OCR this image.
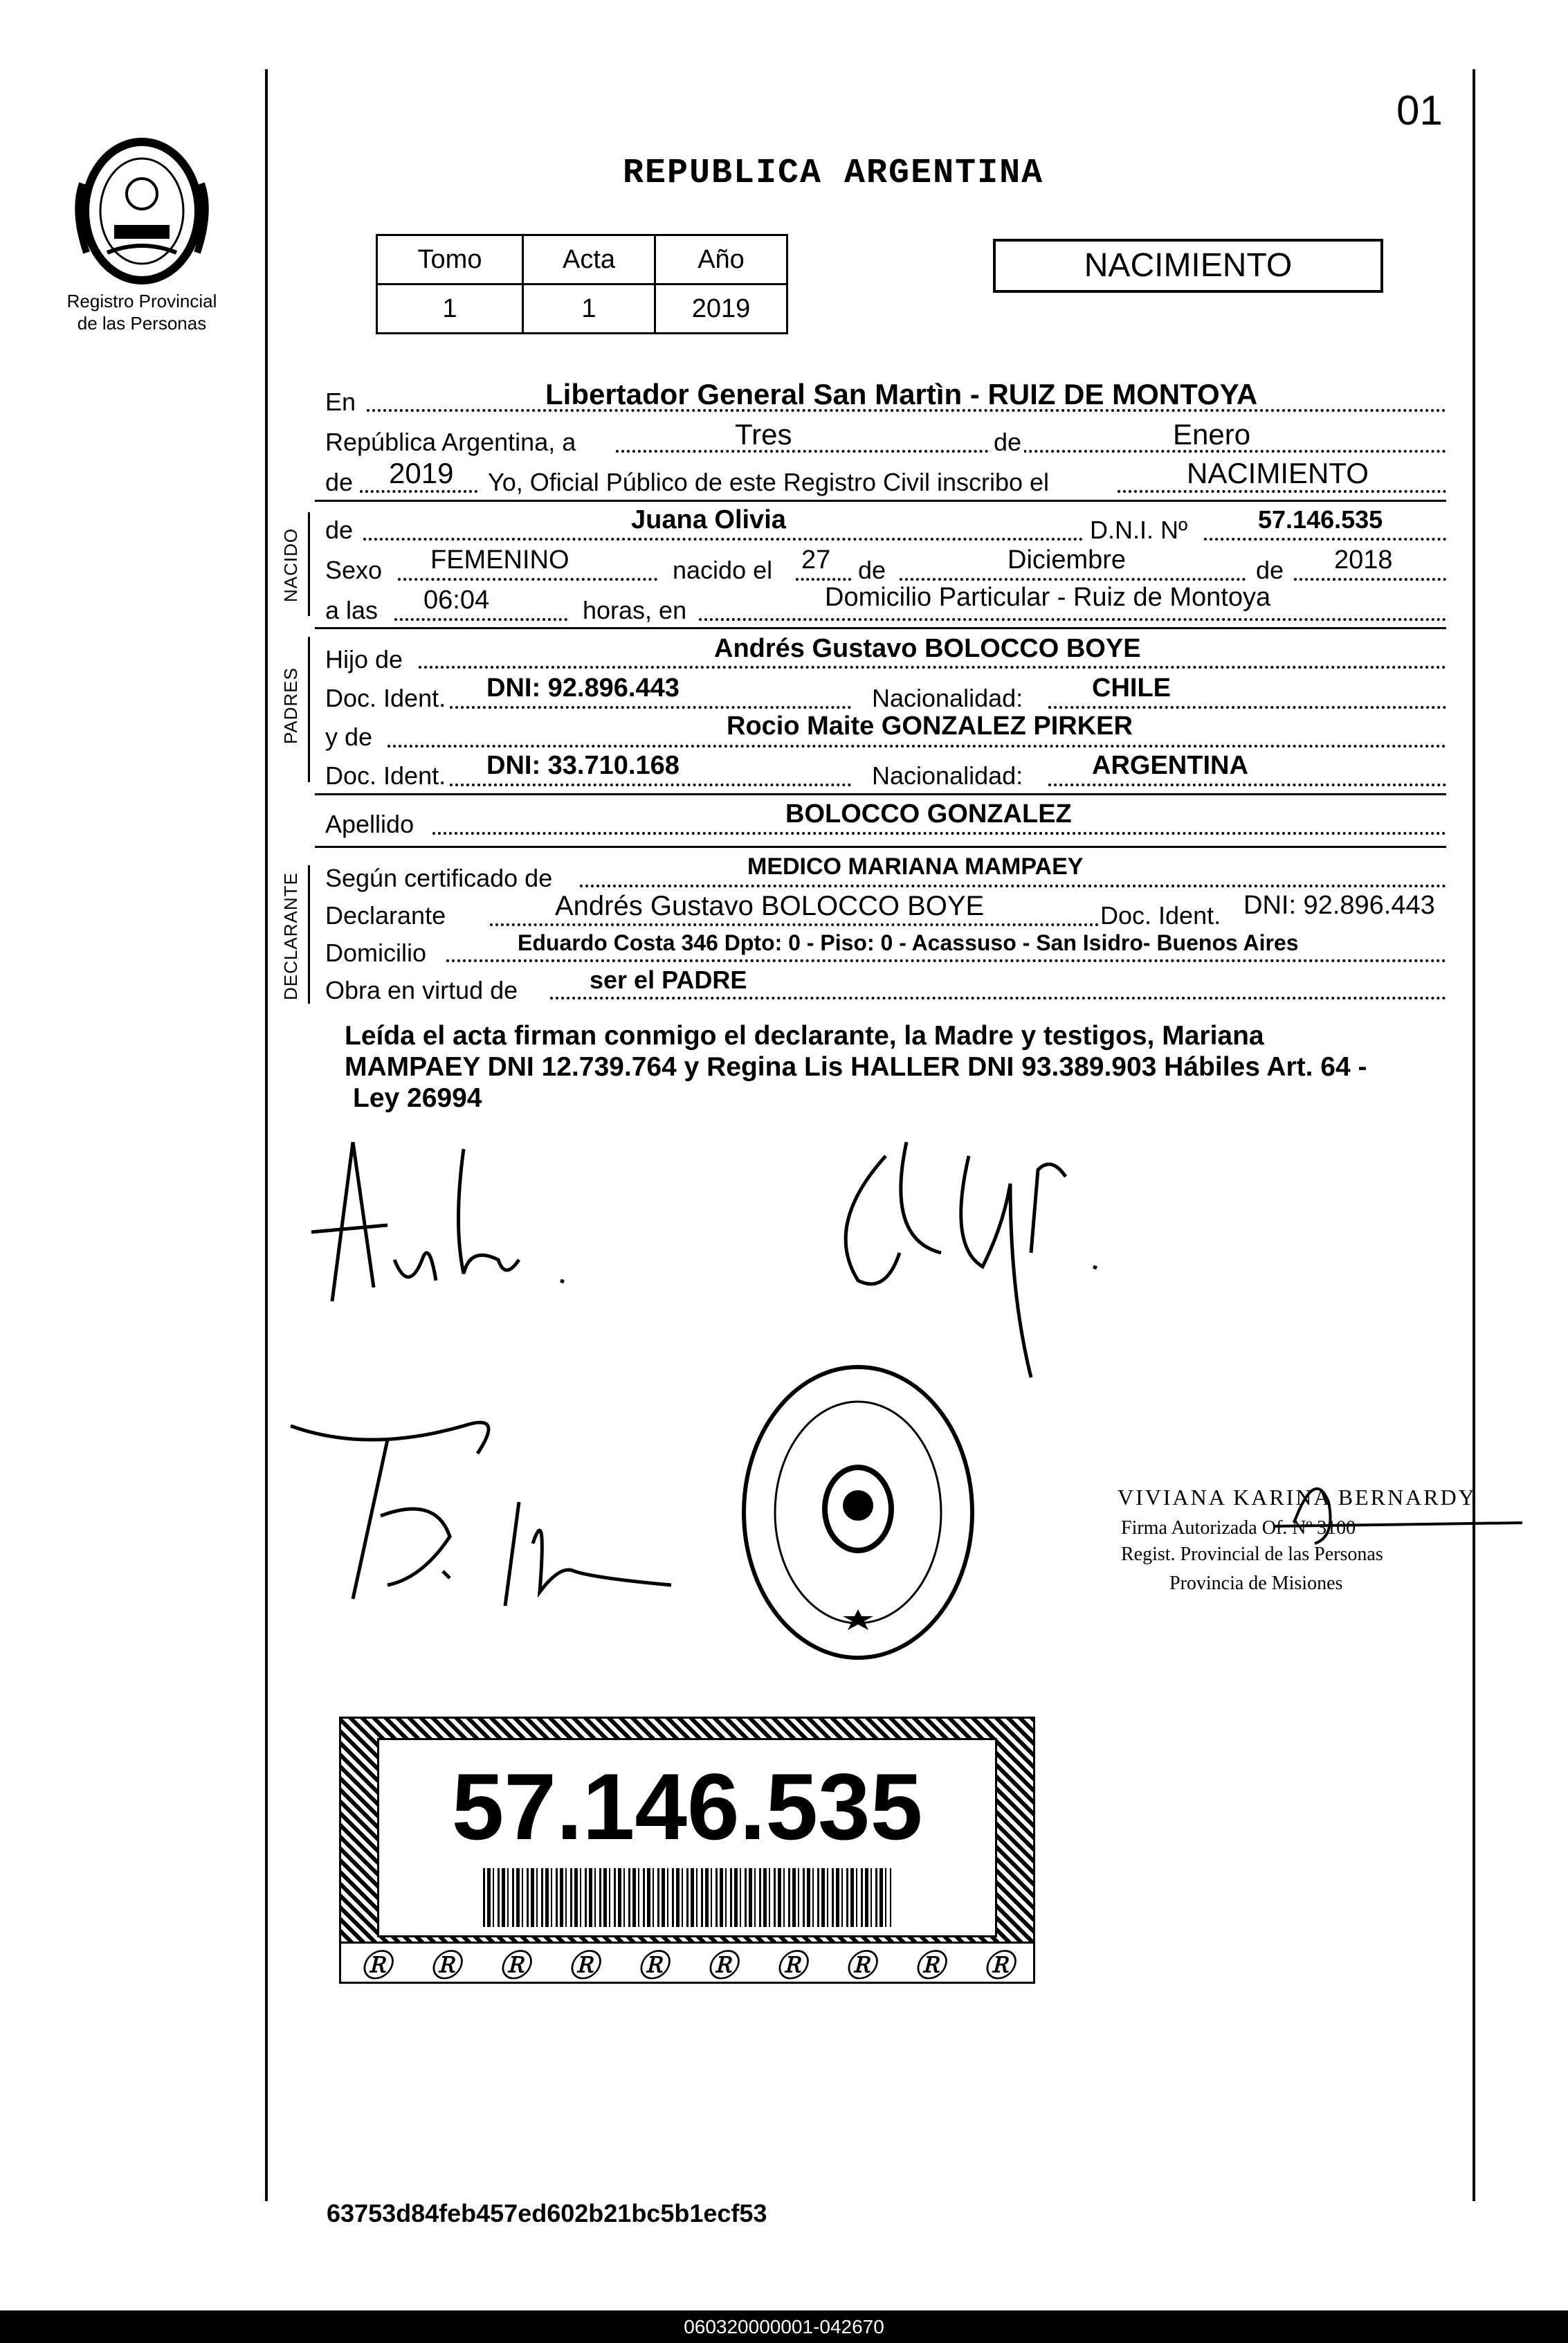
Registro Provincial
de las Personas
01
REPUBLICA ARGENTINA
Tomo	Acta	Año
1	1	2019
NACIMIENTO
En	Libertador General San Martìn - RUIZ DE MONTOYA
República Argentina, a	Tres	de	Enero
de 2019 Yo, Oficial Público de este Registro Civil inscribo el	NACIMIENTO
NACIDO de	Juana Olivia	D.N.I. Nº	57.146.535
Sexo FEMENINO	nacido el 27 de	Diciembre	de 2018
a las 06:04	horas, en	Domicilio Particular - Ruiz de Montoya
PADRES
Hijo de	Andrés Gustavo BOLOCCO BOYE
Doc. Ident. DNI: 92.896.443	Nacionalidad:	CHILE
y de	Rocio Maite GONZALEZ PIRKER
Doc. Ident. DNI: 33.710.168	Nacionalidad:	ARGENTINA
Apellido	BOLOCCO GONZALEZ
DECLARANTE Según certificado de	MEDICO MARIANA MAMPAEY
Declarante	Andrés Gustavo BOLOCCO BOYE	Doc. Ident. DNI: 92.896.443
Domicilio	Eduardo Costa 346 Dpto: 0 - Piso: 0 - Acassuso - San Isidro- Buenos Aires
Obra en virtud de	ser el PADRE
Leída el acta firman conmigo el declarante, la Madre y testigos, Mariana
MAMPAEY DNI 12.739.764 y Regina Lis HALLER DNI 93.389.903 Hábiles Art. 64 -
Ley 26994
VIVIANA KARINA BERNARDY
Firma Autorizada Of. Nº 3100
Regist. Provincial de las Personas
Provincia de Misiones
57.146.535
Ⓡ Ⓡ Ⓡ Ⓡ Ⓡ Ⓡ Ⓡ Ⓡ Ⓡ Ⓡ
63753d84feb457ed602b21bc5b1ecf53
060320000001-042670
